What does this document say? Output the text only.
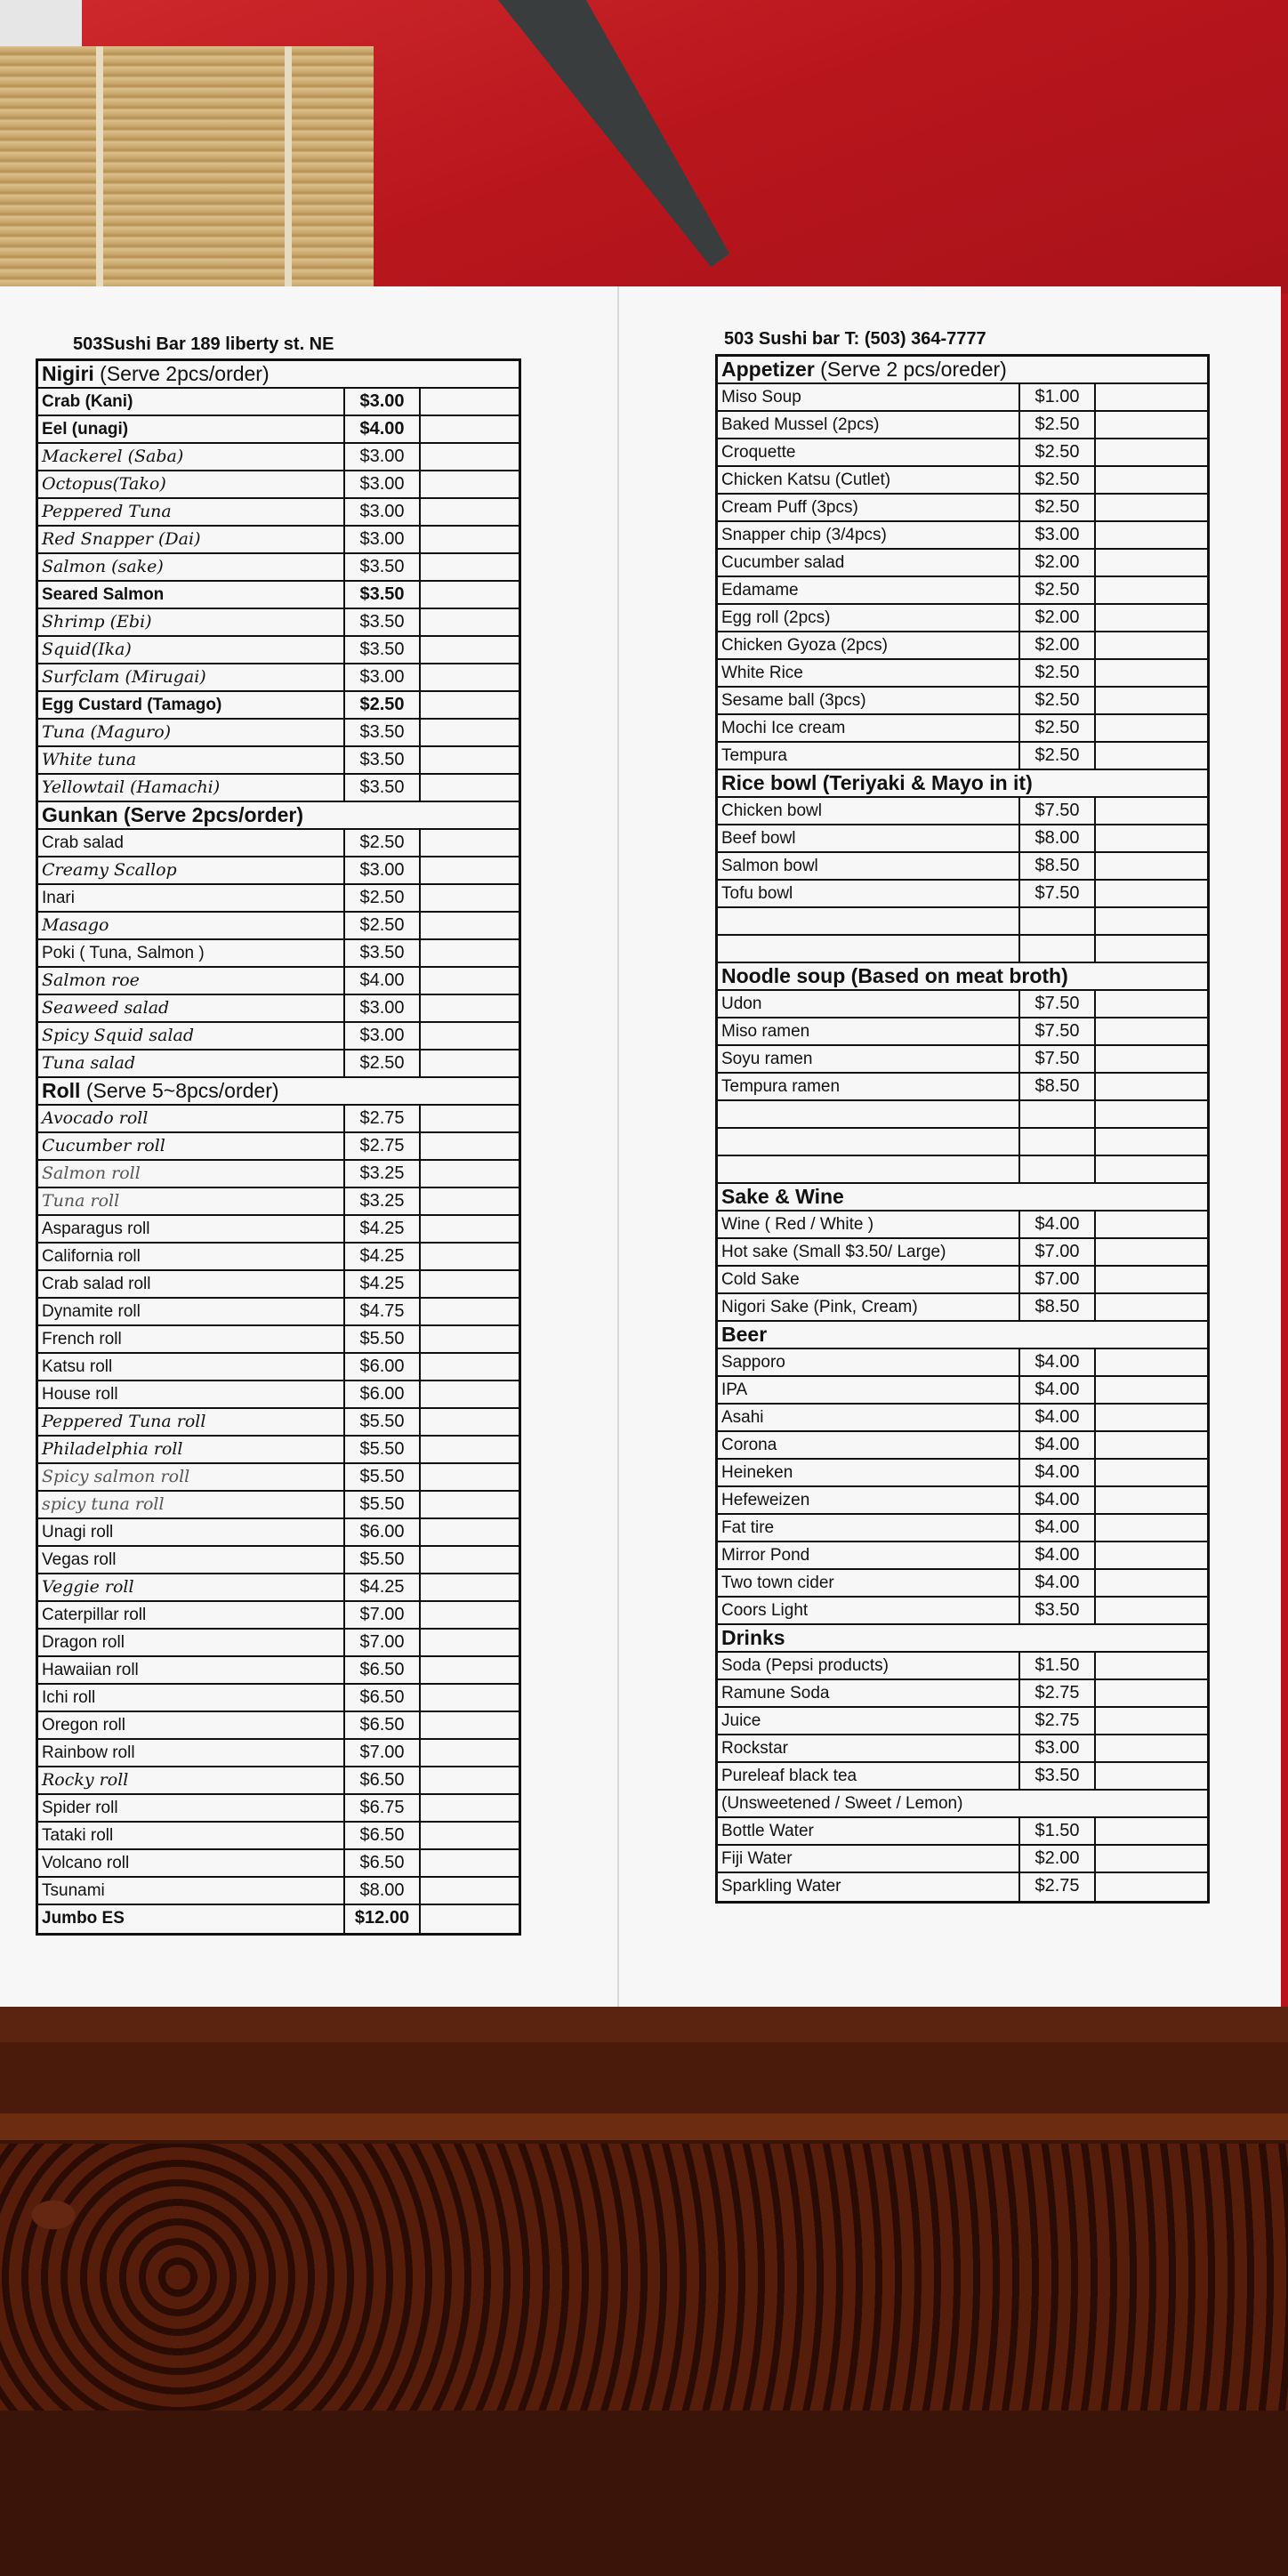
503Sushi Bar 189 liberty st. NE	503 Sushi bar T: (503) 364-7777
Nigiri (Serve 2pcs/order)
Crab (Kani)	$3.00
Eel (unagi)	$4.00
Mackerel (Saba)	$3.00
Octopus(Tako)	$3.00
Peppered Tuna	$3.00
Red Snapper (Dai)	$3.00
Salmon (sake)	$3.50
Seared Salmon	$3.50
Shrimp (Ebi)	$3.50
Squid(Ika)	$3.50
Surfclam (Mirugai)	$3.00
Egg Custard (Tamago)	$2.50
Tuna (Maguro)	$3.50
White tuna	$3.50
Yellowtail (Hamachi)	$3.50
Gunkan (Serve 2pcs/order)
Crab salad	$2.50
Creamy Scallop	$3.00
Inari	$2.50
Masago	$2.50
Poki ( Tuna, Salmon )	$3.50
Salmon roe	$4.00
Seaweed salad	$3.00
Spicy Squid salad	$3.00
Tuna salad	$2.50
Roll (Serve 5~8pcs/order)
Avocado roll	$2.75
Cucumber roll	$2.75
Salmon roll	$3.25
Tuna roll	$3.25
Asparagus roll	$4.25
California roll	$4.25
Crab salad roll	$4.25
Dynamite roll	$4.75
French roll	$5.50
Katsu roll	$6.00
House roll	$6.00
Peppered Tuna roll	$5.50
Philadelphia roll	$5.50
Spicy salmon roll	$5.50
spicy tuna roll	$5.50
Unagi roll	$6.00
Vegas roll	$5.50
Veggie roll	$4.25
Caterpillar roll	$7.00
Dragon roll	$7.00
Hawaiian roll	$6.50
Ichi roll	$6.50
Oregon roll	$6.50
Rainbow roll	$7.00
Rocky roll	$6.50
Spider roll	$6.75
Tataki roll	$6.50
Volcano roll	$6.50
Tsunami	$8.00
Jumbo ES	$12.00
Appetizer (Serve 2 pcs/oreder)
Miso Soup	$1.00
Baked Mussel (2pcs)	$2.50
Croquette	$2.50
Chicken Katsu (Cutlet)	$2.50
Cream Puff (3pcs)	$2.50
Snapper chip (3/4pcs)	$3.00
Cucumber salad	$2.00
Edamame	$2.50
Egg roll (2pcs)	$2.00
Chicken Gyoza (2pcs)	$2.00
White Rice	$2.50
Sesame ball (3pcs)	$2.50
Mochi Ice cream	$2.50
Tempura	$2.50
Rice bowl (Teriyaki & Mayo in it)
Chicken bowl	$7.50
Beef bowl	$8.00
Salmon bowl	$8.50
Tofu bowl	$7.50
Noodle soup (Based on meat broth)
Udon	$7.50
Miso ramen	$7.50
Soyu ramen	$7.50
Tempura ramen	$8.50
Sake & Wine
Wine ( Red / White )	$4.00
Hot sake (Small $3.50/ Large)	$7.00
Cold Sake	$7.00
Nigori Sake (Pink, Cream)	$8.50
Beer
Sapporo	$4.00
IPA	$4.00
Asahi	$4.00
Corona	$4.00
Heineken	$4.00
Hefeweizen	$4.00
Fat tire	$4.00
Mirror Pond	$4.00
Two town cider	$4.00
Coors Light	$3.50
Drinks
Soda (Pepsi products)	$1.50
Ramune Soda	$2.75
Juice	$2.75
Rockstar	$3.00
Pureleaf black tea	$3.50
(Unsweetened / Sweet / Lemon)
Bottle Water	$1.50
Fiji Water	$2.00
Sparkling Water	$2.75
